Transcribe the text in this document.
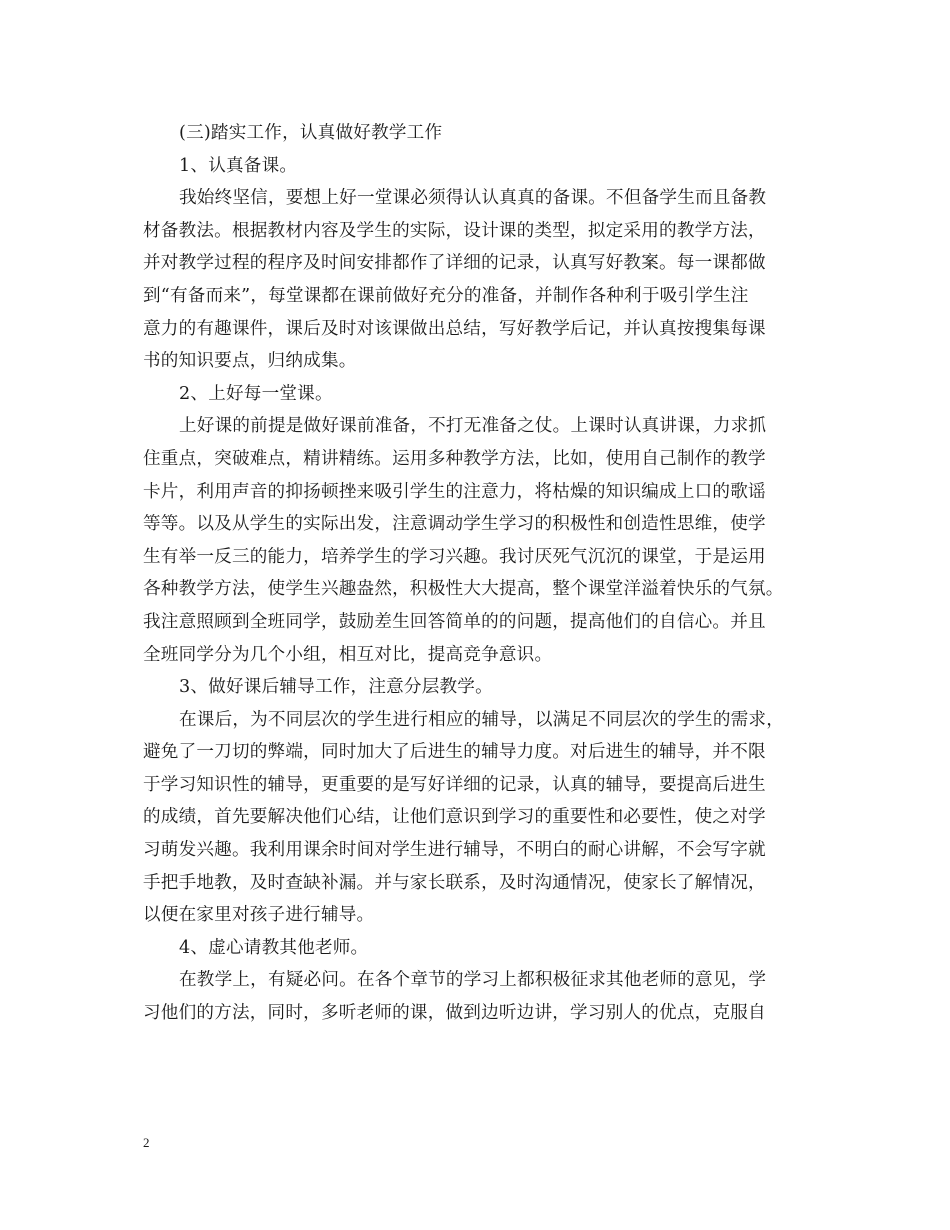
(三)踏实工作，认真做好教学工作
1、认真备课。
我始终坚信，要想上好一堂课必须得认认真真的备课。不但备学生而且备教
材备教法。根据教材内容及学生的实际，设计课的类型，拟定采用的教学方法，
并对教学过程的程序及时间安排都作了详细的记录，认真写好教案。每一课都做
到“有备而来”，每堂课都在课前做好充分的准备，并制作各种利于吸引学生注
意力的有趣课件，课后及时对该课做出总结，写好教学后记，并认真按搜集每课
书的知识要点，归纳成集。
2、上好每一堂课。
上好课的前提是做好课前准备，不打无准备之仗。上课时认真讲课，力求抓
住重点，突破难点，精讲精练。运用多种教学方法，比如，使用自己制作的教学
卡片，利用声音的抑扬顿挫来吸引学生的注意力，将枯燥的知识编成上口的歌谣
等等。以及从学生的实际出发，注意调动学生学习的积极性和创造性思维，使学
生有举一反三的能力，培养学生的学习兴趣。我讨厌死气沉沉的课堂，于是运用
各种教学方法，使学生兴趣盎然，积极性大大提高，整个课堂洋溢着快乐的气氛。
我注意照顾到全班同学，鼓励差生回答简单的的问题，提高他们的自信心。并且
全班同学分为几个小组，相互对比，提高竞争意识。
3、做好课后辅导工作，注意分层教学。
在课后，为不同层次的学生进行相应的辅导，以满足不同层次的学生的需求，
避免了一刀切的弊端，同时加大了后进生的辅导力度。对后进生的辅导，并不限
于学习知识性的辅导，更重要的是写好详细的记录，认真的辅导，要提高后进生
的成绩，首先要解决他们心结，让他们意识到学习的重要性和必要性，使之对学
习萌发兴趣。我利用课余时间对学生进行辅导，不明白的耐心讲解，不会写字就
手把手地教，及时查缺补漏。并与家长联系，及时沟通情况，使家长了解情况，
以便在家里对孩子进行辅导。
4、虚心请教其他老师。
在教学上，有疑必问。在各个章节的学习上都积极征求其他老师的意见，学
习他们的方法，同时，多听老师的课，做到边听边讲，学习别人的优点，克服自
2
